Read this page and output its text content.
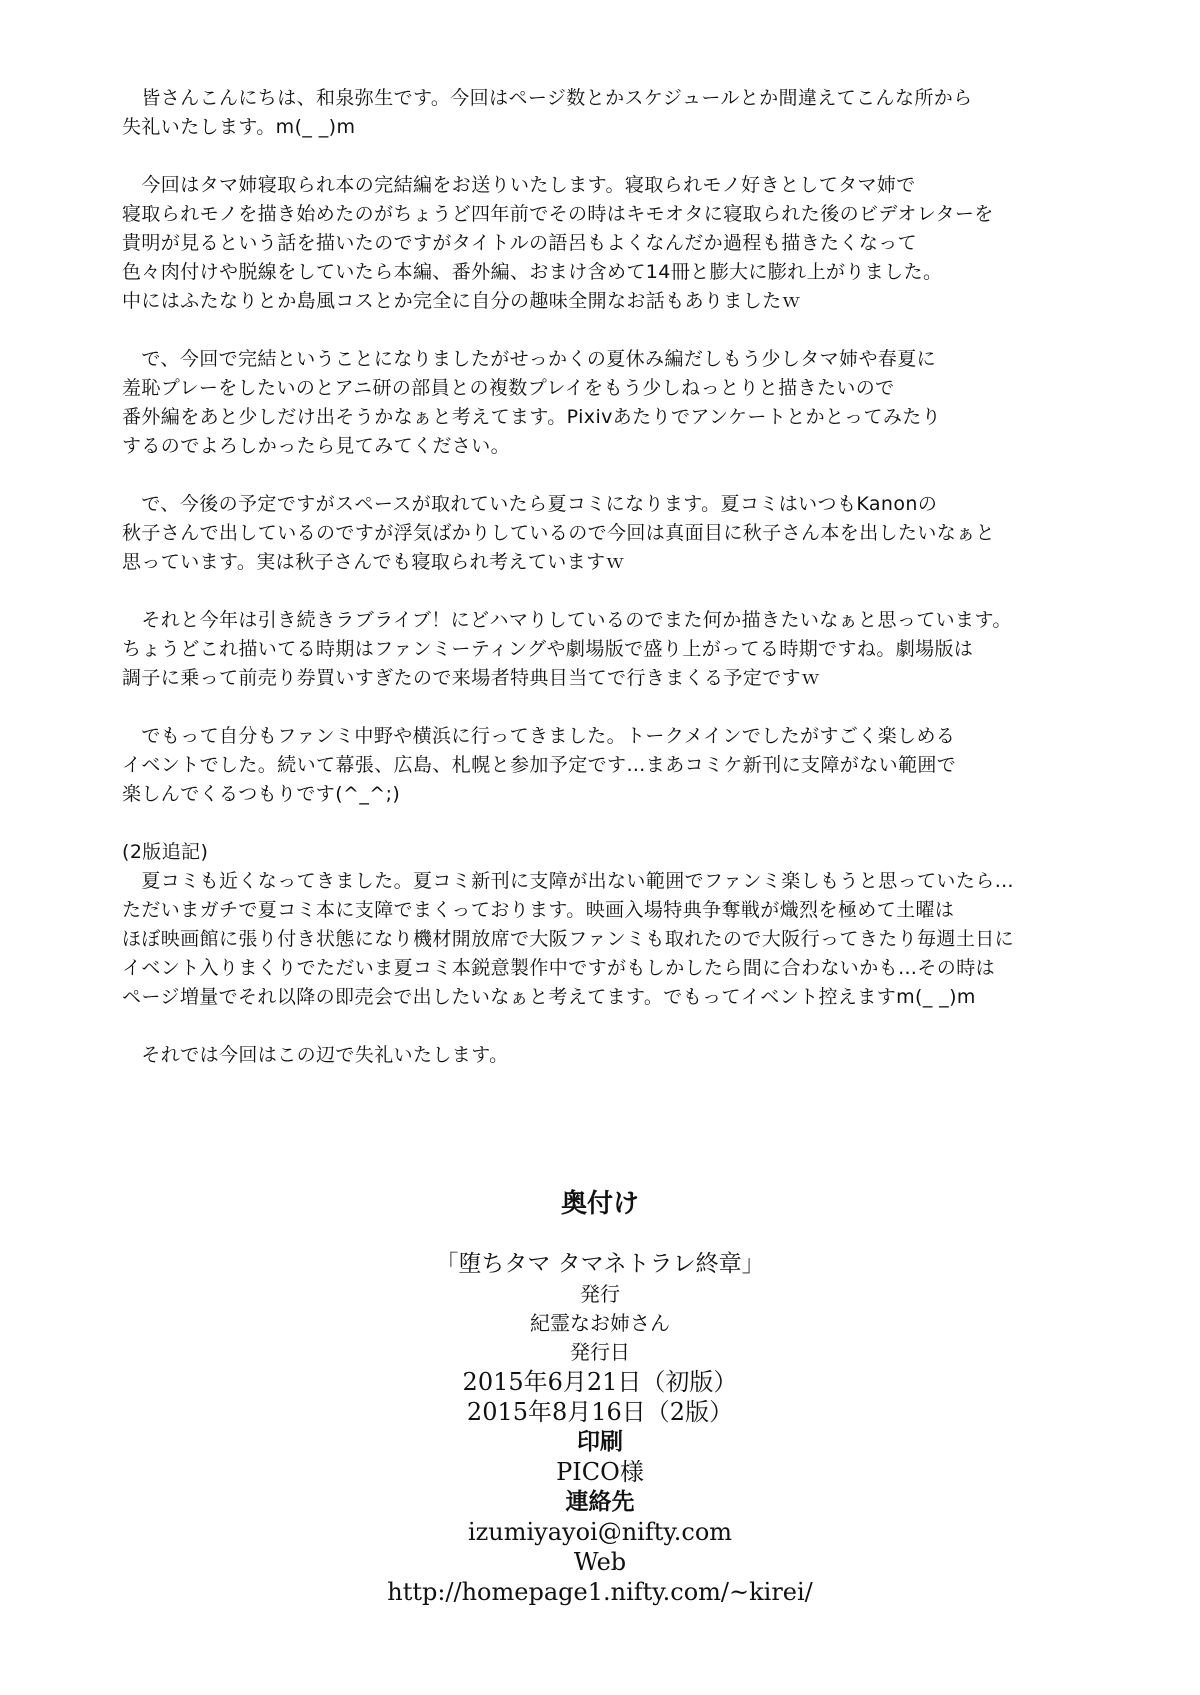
　皆さんこんにちは、和泉弥生です。今回はページ数とかスケジュールとか間違えてこんな所から
失礼いたします。m(_ _)m
　今回はタマ姉寝取られ本の完結編をお送りいたします。寝取られモノ好きとしてタマ姉で
寝取られモノを描き始めたのがちょうど四年前でその時はキモオタに寝取られた後のビデオレターを
貴明が見るという話を描いたのですがタイトルの語呂もよくなんだか過程も描きたくなって
色々肉付けや脱線をしていたら本編、番外編、おまけ含めて14冊と膨大に膨れ上がりました。
中にはふたなりとか島風コスとか完全に自分の趣味全開なお話もありましたｗ
　で、今回で完結ということになりましたがせっかくの夏休み編だしもう少しタマ姉や春夏に
羞恥プレーをしたいのとアニ研の部員との複数プレイをもう少しねっとりと描きたいので
番外編をあと少しだけ出そうかなぁと考えてます。Pixivあたりでアンケートとかとってみたり
するのでよろしかったら見てみてください。
　で、今後の予定ですがスペースが取れていたら夏コミになります。夏コミはいつもKanonの
秋子さんで出しているのですが浮気ばかりしているので今回は真面目に秋子さん本を出したいなぁと
思っています。実は秋子さんでも寝取られ考えていますｗ
　それと今年は引き続きラブライブ！にどハマりしているのでまた何か描きたいなぁと思っています。
ちょうどこれ描いてる時期はファンミーティングや劇場版で盛り上がってる時期ですね。劇場版は
調子に乗って前売り券買いすぎたので来場者特典目当てで行きまくる予定ですｗ
　でもって自分もファンミ中野や横浜に行ってきました。トークメインでしたがすごく楽しめる
イベントでした。続いて幕張、広島、札幌と参加予定です…まあコミケ新刊に支障がない範囲で
楽しんでくるつもりです(^_^;)
(2版追記)
　夏コミも近くなってきました。夏コミ新刊に支障が出ない範囲でファンミ楽しもうと思っていたら…
ただいまガチで夏コミ本に支障でまくっております。映画入場特典争奪戦が熾烈を極めて土曜は
ほぼ映画館に張り付き状態になり機材開放席で大阪ファンミも取れたので大阪行ってきたり毎週土日に
イベント入りまくりでただいま夏コミ本鋭意製作中ですがもしかしたら間に合わないかも…その時は
ページ増量でそれ以降の即売会で出したいなぁと考えてます。でもってイベント控えますm(_ _)m
　それでは今回はこの辺で失礼いたします。
奥付け
「堕ちタマ タマネトラレ終章」
発行
紀霊なお姉さん
発行日
2015年6月21日（初版）
2015年8月16日（2版）
印刷
PICO様
連絡先
izumiyayoi@nifty.com
Web
http://homepage1.nifty.com/~kirei/
